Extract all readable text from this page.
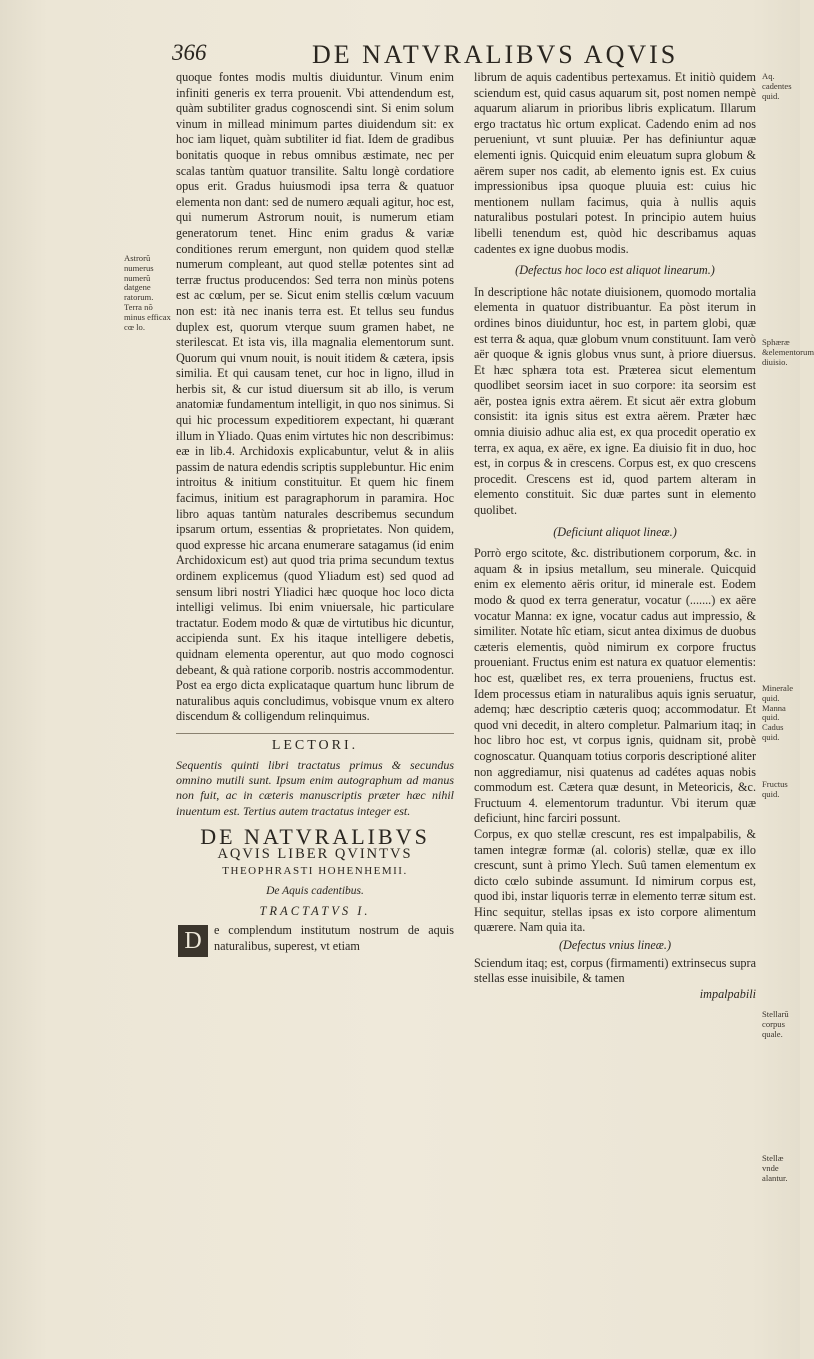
366	DE NATVRALIBVS AQVIS
Astrorũ numerus numerũ datgene ratorum. Terra nõ minus efficax cœ lo.
Aq. cadentes quid.
Sphæræ &elementorum diuisio.
Minerale quid. Manna quid. Cadus quid.
Fructus quid.
Stellarū corpus quale.
Stellæ vnde alantur.

quoque fontes modis multis diuiduntur. Vinum enim infiniti generis ex terra prouenit. Vbi attendendum est, quàm subtiliter gradus cognoscendi sint. Si enim solum vinum in millead minimum partes diuidendum sit: ex hoc iam liquet, quàm subtiliter id fiat. Idem de gradibus bonitatis quoque in rebus omnibus æstimate, nec per scalas tantùm quatuor transilite. Saltu longè cordatiore opus erit. Gradus huiusmodi ipsa terra & quatuor elementa non dant: sed de numero æquali agitur, hoc est, qui numerum Astrorum nouit, is numerum etiam generatorum tenet. Hinc enim gradus & variæ conditiones rerum emergunt, non quidem quod stellæ numerum compleant, aut quod stellæ potentes sint ad terræ fructus producendos: Sed terra non minùs potens est ac cœlum, per se. Sicut enim stellis cœlum vacuum non est: ità nec inanis terra est. Et tellus seu fundus duplex est, quorum vterque suum gramen habet, ne sterilescat. Et ista vis, illa magnalia elementorum sunt. Quorum qui vnum nouit, is nouit itidem & cætera, ipsis similia. Et qui causam tenet, cur hoc in ligno, illud in herbis sit, & cur istud diuersum sit ab illo, is verum anatomiæ fundamentum intelligit, in quo nos sinimus. Si qui hic processum expeditiorem expectant, hi quærant illum in Yliado. Quas enim virtutes hic non describimus: eæ in lib.4. Archidoxis explicabuntur, velut & in aliis passim de natura edendis scriptis supplebuntur. Hic enim introitus & initium constituitur. Et quem hic finem facimus, initium est paragraphorum in paramira. Hoc libro aquas tantùm naturales describemus secundum ipsarum ortum, essentias & proprietates. Non quidem, quod expresse hic arcana enumerare satagamus (id enim Archidoxicum est) aut quod tria prima secundum textus ordinem explicemus (quod Yliadum est) sed quod ad sensum libri nostri Yliadici hæc quoque hoc loco dicta intelligi velimus. Ibi enim vniuersale, hic particulare tractatur. Eodem modo & quæ de virtutibus hic dicuntur, accipienda sunt. Ex his itaque intelligere debetis, quidnam elementa operentur, aut quo modo cognosci debeant, & quà ratione corporib. nostris accommodentur. Post ea ergo dicta explicataque quartum hunc librum de naturalibus aquis concludimus, vobisque vnum ex altero discendum & colligendum relinquimus.

LECTORI.

Sequentis quinti libri tractatus primus & secundus omnino mutili sunt. Ipsum enim autographum ad manus non fuit, ac in cæteris manuscriptis præter hæc nihil inuentum est. Tertius autem tractatus integer est.

DE NATVRALIBVS
AQVIS LIBER QVINTVS
THEOPHRASTI HOHENHEMII.
De Aquis cadentibus.
TRACTATVS I.

D	e complendum institutum nostrum de aquis naturalibus, superest, vt etiam

librum de aquis cadentibus pertexamus. Et initiò quidem sciendum est, quid casus aquarum sit, post nomen nempè aquarum aliarum in prioribus libris explicatum. Illarum ergo tractatus hìc ortum explicat. Cadendo enim ad nos perueniunt, vt sunt pluuiæ. Per has definiuntur aquæ elementi ignis. Quicquid enim eleuatum supra globum & aërem super nos cadit, ab elemento ignis est. Ex cuius impressionibus ipsa quoque pluuia est: cuius hic mentionem nullam facimus, quia à nullis aquis naturalibus postulari potest. In principio autem huius libelli tenendum est, quòd hic describamus aquas cadentes ex igne duobus modis.

(Defectus hoc loco est aliquot linearum.)

In descriptione hâc notate diuisionem, quomodo mortalia elementa in quatuor distribuantur. Ea pòst iterum in ordines binos diuiduntur, hoc est, in partem globi, quæ est terra & aqua, quæ globum vnum constituunt. Iam verò aër quoque & ignis globus vnus sunt, à priore diuersus. Et hæc sphæra tota est. Præterea sicut elementum quodlibet seorsim iacet in suo corpore: ita seorsim est aër, postea ignis extra aërem. Et sicut aër extra globum consistit: ita ignis situs est extra aërem. Præter hæc omnia diuisio adhuc alia est, ex qua procedit operatio ex terra, ex aqua, ex aëre, ex igne. Ea diuisio fit in duo, hoc est, in corpus & in crescens. Corpus est, ex quo crescens procedit. Crescens est id, quod partem alteram in elemento constituit. Sic duæ partes sunt in elemento quolibet.

(Deficiunt aliquot lineæ.)

Porrò ergo scitote, &c. distributionem corporum, &c. in aquam & in ipsius metallum, seu minerale. Quicquid enim ex elemento aëris oritur, id minerale est. Eodem modo & quod ex terra generatur, vocatur (.......) ex aëre vocatur Manna: ex igne, vocatur cadus aut impressio, & similiter. Notate hîc etiam, sicut antea diximus de duobus cæteris elementis, quòd nimirum ex corpore fructus proueniant. Fructus enim est natura ex quatuor elementis: hoc est, quælibet res, ex terra proueniens, fructus est. Idem processus etiam in naturalibus aquis ignis seruatur, ademq; hæc descriptio cæteris quoq; accommodatur. Et quod vni decedit, in altero completur. Palmarium itaq; in hoc libro hoc est, vt corpus ignis, quidnam sit, probè cognoscatur. Quanquam totius corporis descriptioné aliter non aggrediamur, nisi quatenus ad cadétes aquas nobis commodum est. Cætera quæ desunt, in Meteoricis, &c. Fructuum 4. elementorum traduntur. Vbi iterum quæ deficiunt, hinc farciri possunt.

Corpus, ex quo stellæ crescunt, res est impalpabilis, & tamen integræ formæ (al. coloris) stellæ, quæ ex illo crescunt, sunt à primo Ylech. Suû tamen elementum ex dicto cœlo subinde assumunt. Id nimirum corpus est, quod ibi, instar liquoris terræ in elemento terræ situm est. Hinc sequitur, stellas ipsas ex isto corpore alimentum quærere. Nam quia ita.

(Defectus vnius lineæ.)

Sciendum itaq; est, corpus (firmamenti) extrinsecus supra stellas esse inuisibile, & tamen

impalpabili
